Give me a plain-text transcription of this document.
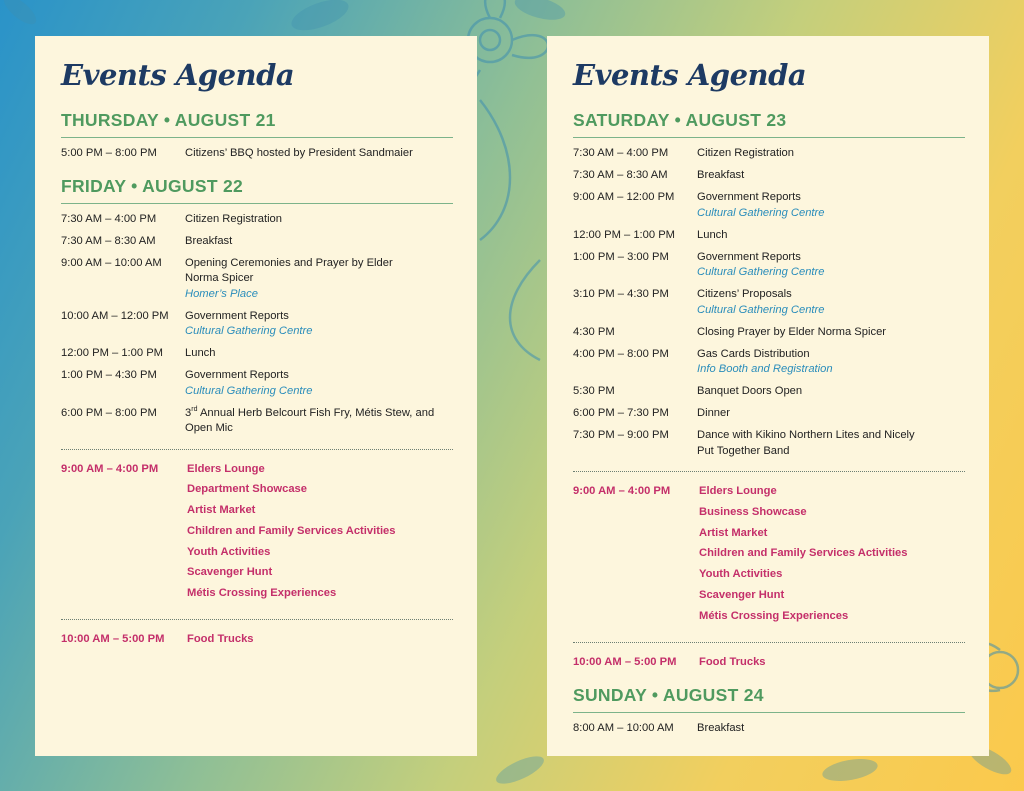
Events Agenda
THURSDAY • AUGUST 21
5:00 PM – 8:00 PM	Citizens’ BBQ hosted by President Sandmaier
FRIDAY • AUGUST 22
7:30 AM – 4:00 PM	Citizen Registration
7:30 AM – 8:30 AM	Breakfast
9:00 AM – 10:00 AM	Opening Ceremonies and Prayer by Elder Norma Spicer
Homer’s Place
10:00 AM – 12:00 PM	Government Reports
Cultural Gathering Centre
12:00 PM – 1:00 PM	Lunch
1:00 PM – 4:30 PM	Government Reports
Cultural Gathering Centre
6:00 PM – 8:00 PM	3rd Annual Herb Belcourt Fish Fry, Métis Stew, and Open Mic
9:00 AM – 4:00 PM	Elders Lounge
Department Showcase
Artist Market
Children and Family Services Activities
Youth Activities
Scavenger Hunt
Métis Crossing Experiences
10:00 AM – 5:00 PM	Food Trucks
Events Agenda
SATURDAY • AUGUST 23
7:30 AM – 4:00 PM	Citizen Registration
7:30 AM – 8:30 AM	Breakfast
9:00 AM – 12:00 PM	Government Reports
Cultural Gathering Centre
12:00 PM – 1:00 PM	Lunch
1:00 PM – 3:00 PM	Government Reports
Cultural Gathering Centre
3:10 PM – 4:30 PM	Citizens’ Proposals
Cultural Gathering Centre
4:30 PM	Closing Prayer by Elder Norma Spicer
4:00 PM – 8:00 PM	Gas Cards Distribution
Info Booth and Registration
5:30 PM	Banquet Doors Open
6:00 PM – 7:30 PM	Dinner
7:30 PM – 9:00 PM	Dance with Kikino Northern Lites and Nicely Put Together Band
9:00 AM – 4:00 PM	Elders Lounge
Business Showcase
Artist Market
Children and Family Services Activities
Youth Activities
Scavenger Hunt
Métis Crossing Experiences
10:00 AM – 5:00 PM	Food Trucks
SUNDAY • AUGUST 24
8:00 AM – 10:00 AM	Breakfast
